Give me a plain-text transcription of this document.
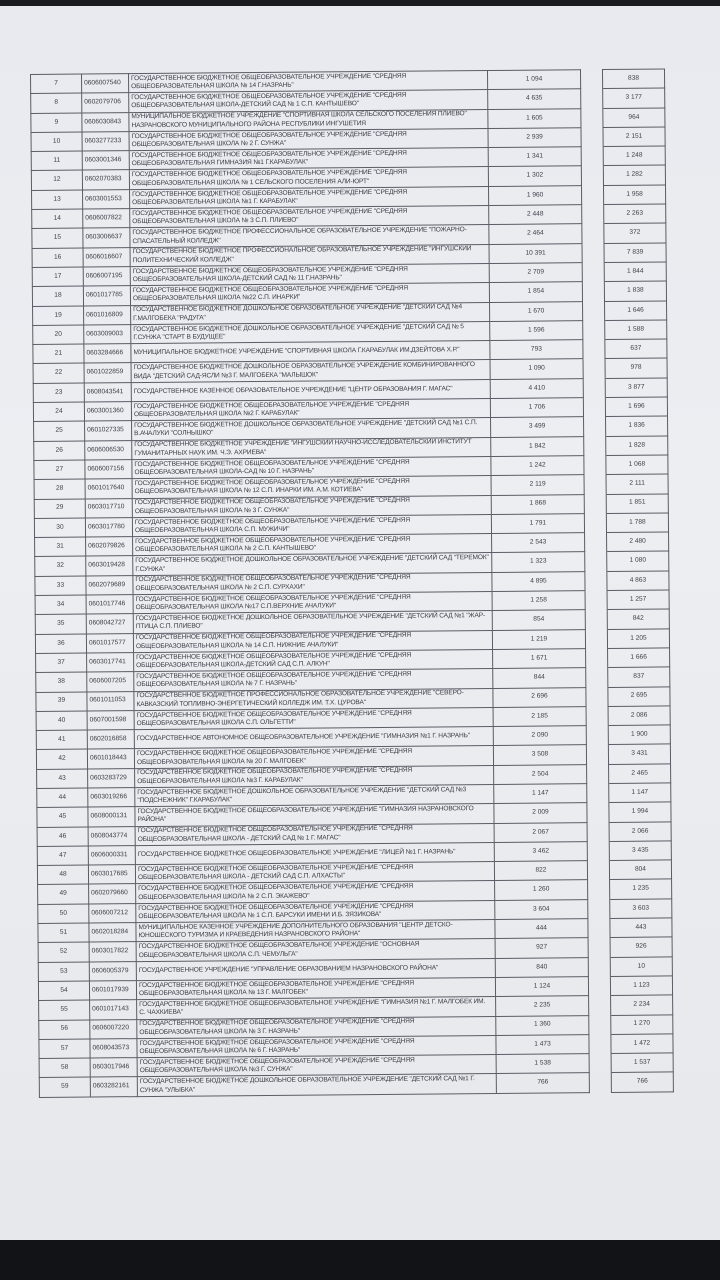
7	0606007540	ГОСУДАРСТВЕННОЕ БЮДЖЕТНОЕ ОБЩЕОБРАЗОВАТЕЛЬНОЕ УЧРЕЖДЕНИЕ "СРЕДНЯЯ ОБЩЕОБРАЗОВАТЕЛЬНАЯ ШКОЛА № 14 Г.НАЗРАНЬ"	1 094		838
8	0602079706	ГОСУДАРСТВЕННОЕ БЮДЖЕТНОЕ ОБЩЕОБРАЗОВАТЕЛЬНОЕ УЧРЕЖДЕНИЕ "СРЕДНЯЯ ОБЩЕОБРАЗОВАТЕЛЬНАЯ ШКОЛА-ДЕТСКИЙ САД № 1 С.П. КАНТЫШЕВО"	4 635		3 177
9	0606030843	МУНИЦИПАЛЬНОЕ БЮДЖЕТНОЕ УЧРЕЖДЕНИЕ "СПОРТИВНАЯ ШКОЛА СЕЛЬСКОГО ПОСЕЛЕНИЯ ПЛИЕВО" НАЗРАНОВСКОГО МУНИЦИПАЛЬНОГО РАЙОНА РЕСПУБЛИКИ ИНГУШЕТИЯ	1 605		964
10	0603277233	ГОСУДАРСТВЕННОЕ БЮДЖЕТНОЕ ОБЩЕОБРАЗОВАТЕЛЬНОЕ УЧРЕЖДЕНИЕ "СРЕДНЯЯ ОБЩЕОБРАЗОВАТЕЛЬНАЯ ШКОЛА № 2 Г. СУНЖА"	2 939		2 151
11	0603001346	ГОСУДАРСТВЕННОЕ БЮДЖЕТНОЕ ОБЩЕОБРАЗОВАТЕЛЬНОЕ УЧРЕЖДЕНИЕ "СРЕДНЯЯ ОБЩЕОБРАЗОВАТЕЛЬНАЯ ГИМНАЗИЯ №1 Г.КАРАБУЛАК"	1 341		1 248
12	0602070383	ГОСУДАРСТВЕННОЕ БЮДЖЕТНОЕ ОБЩЕОБРАЗОВАТЕЛЬНОЕ УЧРЕЖДЕНИЕ "СРЕДНЯЯ ОБЩЕОБРАЗОВАТЕЛЬНАЯ ШКОЛА № 1 СЕЛЬСКОГО ПОСЕЛЕНИЯ АЛИ-ЮРТ"	1 302		1 282
13	0603001553	ГОСУДАРСТВЕННОЕ БЮДЖЕТНОЕ ОБЩЕОБРАЗОВАТЕЛЬНОЕ УЧРЕЖДЕНИЕ "СРЕДНЯЯ ОБЩЕОБРАЗОВАТЕЛЬНАЯ ШКОЛА №1 Г. КАРАБУЛАК"	1 960		1 958
14	0606007822	ГОСУДАРСТВЕННОЕ БЮДЖЕТНОЕ ОБЩЕОБРАЗОВАТЕЛЬНОЕ УЧРЕЖДЕНИЕ "СРЕДНЯЯ ОБЩЕОБРАЗОВАТЕЛЬНАЯ ШКОЛА № 3 С.П. ПЛИЕВО"	2 448		2 263
15	0603006637	ГОСУДАРСТВЕННОЕ БЮДЖЕТНОЕ ПРОФЕССИОНАЛЬНОЕ ОБРАЗОВАТЕЛЬНОЕ УЧРЕЖДЕНИЕ "ПОЖАРНО-СПАСАТЕЛЬНЫЙ КОЛЛЕДЖ"	2 464		372
16	0606016607	ГОСУДАРСТВЕННОЕ БЮДЖЕТНОЕ ПРОФЕССИОНАЛЬНОЕ ОБРАЗОВАТЕЛЬНОЕ УЧРЕЖДЕНИЕ "ИНГУШСКИЙ ПОЛИТЕХНИЧЕСКИЙ КОЛЛЕДЖ"	10 391		7 839
17	0606007195	ГОСУДАРСТВЕННОЕ БЮДЖЕТНОЕ ОБЩЕОБРАЗОВАТЕЛЬНОЕ УЧРЕЖДЕНИЕ "СРЕДНЯЯ ОБЩЕОБРАЗОВАТЕЛЬНАЯ ШКОЛА-ДЕТСКИЙ САД № 11 Г.НАЗРАНЬ"	2 709		1 844
18	0601017785	ГОСУДАРСТВЕННОЕ БЮДЖЕТНОЕ ОБЩЕОБРАЗОВАТЕЛЬНОЕ УЧРЕЖДЕНИЕ "СРЕДНЯЯ ОБЩЕОБРАЗОВАТЕЛЬНАЯ ШКОЛА №22 С.П. ИНАРКИ"	1 854		1 838
19	0601016809	ГОСУДАРСТВЕННОЕ БЮДЖЕТНОЕ ДОШКОЛЬНОЕ ОБРАЗОВАТЕЛЬНОЕ УЧРЕЖДЕНИЕ "ДЕТСКИЙ САД №4 Г.МАЛГОБЕКА "РАДУГА"	1 670		1 646
20	0603009003	ГОСУДАРСТВЕННОЕ БЮДЖЕТНОЕ ДОШКОЛЬНОЕ ОБРАЗОВАТЕЛЬНОЕ УЧРЕЖДЕНИЕ "ДЕТСКИЙ САД № 5 Г.СУНЖА "СТАРТ В БУДУЩЕЕ"	1 596		1 588
21	0603284666	МУНИЦИПАЛЬНОЕ БЮДЖЕТНОЕ УЧРЕЖДЕНИЕ "СПОРТИВНАЯ ШКОЛА Г.КАРАБУЛАК ИМ.ДЗЕЙТОВА Х.Р."	793		637
22	0601022859	ГОСУДАРСТВЕННОЕ БЮДЖЕТНОЕ ДОШКОЛЬНОЕ ОБРАЗОВАТЕЛЬНОЕ УЧРЕЖДЕНИЕ КОМБИНИРОВАННОГО ВИДА "ДЕТСКИЙ САД-ЯСЛИ №3 Г. МАЛГОБЕКА "МАЛЫШОК"	1 090		978
23	0608043541	ГОСУДАРСТВЕННОЕ КАЗЕННОЕ ОБРАЗОВАТЕЛЬНОЕ УЧРЕЖДЕНИЕ "ЦЕНТР ОБРАЗОВАНИЯ Г. МАГАС"	4 410		3 877
24	0603001360	ГОСУДАРСТВЕННОЕ БЮДЖЕТНОЕ ОБЩЕОБРАЗОВАТЕЛЬНОЕ УЧРЕЖДЕНИЕ "СРЕДНЯЯ ОБЩЕОБРАЗОВАТЕЛЬНАЯ ШКОЛА №2 Г. КАРАБУЛАК"	1 706		1 696
25	0601027335	ГОСУДАРСТВЕННОЕ БЮДЖЕТНОЕ ДОШКОЛЬНОЕ ОБРАЗОВАТЕЛЬНОЕ УЧРЕЖДЕНИЕ "ДЕТСКИЙ САД №1 С.П. В.АЧАЛУКИ "СОЛНЫШКО"	3 499		1 836
26	0606006530	ГОСУДАРСТВЕННОЕ БЮДЖЕТНОЕ УЧРЕЖДЕНИЕ "ИНГУШСКИЙ НАУЧНО-ИССЛЕДОВАТЕЛЬСКИЙ ИНСТИТУТ ГУМАНИТАРНЫХ НАУК ИМ. Ч.Э. АХРИЕВА"	1 842		1 828
27	0606007156	ГОСУДАРСТВЕННОЕ БЮДЖЕТНОЕ ОБЩЕОБРАЗОВАТЕЛЬНОЕ УЧРЕЖДЕНИЕ "СРЕДНЯЯ ОБЩЕОБРАЗОВАТЕЛЬНАЯ ШКОЛА-САД № 10 Г. НАЗРАНЬ"	1 242		1 068
28	0601017640	ГОСУДАРСТВЕННОЕ БЮДЖЕТНОЕ ОБЩЕОБРАЗОВАТЕЛЬНОЕ УЧРЕЖДЕНИЕ "СРЕДНЯЯ ОБЩЕОБРАЗОВАТЕЛЬНАЯ ШКОЛА № 12 С.П. ИНАРКИ ИМ. А.М. КОТИЕВА"	2 119		2 111
29	0603017710	ГОСУДАРСТВЕННОЕ БЮДЖЕТНОЕ ОБЩЕОБРАЗОВАТЕЛЬНОЕ УЧРЕЖДЕНИЕ "СРЕДНЯЯ ОБЩЕОБРАЗОВАТЕЛЬНАЯ ШКОЛА № 3 Г. СУНЖА"	1 868		1 851
30	0603017780	ГОСУДАРСТВЕННОЕ БЮДЖЕТНОЕ ОБЩЕОБРАЗОВАТЕЛЬНОЕ УЧРЕЖДЕНИЕ "СРЕДНЯЯ ОБЩЕОБРАЗОВАТЕЛЬНАЯ ШКОЛА С.П. МУЖИЧИ"	1 791		1 788
31	0602079826	ГОСУДАРСТВЕННОЕ БЮДЖЕТНОЕ ОБЩЕОБРАЗОВАТЕЛЬНОЕ УЧРЕЖДЕНИЕ "СРЕДНЯЯ ОБЩЕОБРАЗОВАТЕЛЬНАЯ ШКОЛА № 2 С.П. КАНТЫШЕВО"	2 543		2 480
32	0603019428	ГОСУДАРСТВЕННОЕ БЮДЖЕТНОЕ ДОШКОЛЬНОЕ ОБРАЗОВАТЕЛЬНОЕ УЧРЕЖДЕНИЕ "ДЕТСКИЙ САД "ТЕРЕМОК" Г.СУНЖА"	1 323		1 080
33	0602079689	ГОСУДАРСТВЕННОЕ БЮДЖЕТНОЕ ОБЩЕОБРАЗОВАТЕЛЬНОЕ УЧРЕЖДЕНИЕ "СРЕДНЯЯ ОБЩЕОБРАЗОВАТЕЛЬНАЯ ШКОЛА № 2 С.П. СУРХАХИ"	4 895		4 863
34	0601017746	ГОСУДАРСТВЕННОЕ БЮДЖЕТНОЕ ОБЩЕОБРАЗОВАТЕЛЬНОЕ УЧРЕЖДЕНИЕ "СРЕДНЯЯ ОБЩЕОБРАЗОВАТЕЛЬНАЯ ШКОЛА №17 С.П.ВЕРХНИЕ АЧАЛУКИ"	1 258		1 257
35	0608042727	ГОСУДАРСТВЕННОЕ БЮДЖЕТНОЕ ДОШКОЛЬНОЕ ОБРАЗОВАТЕЛЬНОЕ УЧРЕЖДЕНИЕ "ДЕТСКИЙ САД №1 "ЖАР-ПТИЦА С.П. ПЛИЕВО"	854		842
36	0601017577	ГОСУДАРСТВЕННОЕ БЮДЖЕТНОЕ ОБЩЕОБРАЗОВАТЕЛЬНОЕ УЧРЕЖДЕНИЕ "СРЕДНЯЯ ОБЩЕОБРАЗОВАТЕЛЬНАЯ ШКОЛА № 14 С.П. НИЖНИЕ АЧАЛУКИ"	1 219		1 205
37	0603017741	ГОСУДАРСТВЕННОЕ БЮДЖЕТНОЕ ОБЩЕОБРАЗОВАТЕЛЬНОЕ УЧРЕЖДЕНИЕ "СРЕДНЯЯ ОБЩЕОБРАЗОВАТЕЛЬНАЯ ШКОЛА-ДЕТСКИЙ САД С.П. АЛКУН"	1 671		1 666
38	0606007205	ГОСУДАРСТВЕННОЕ БЮДЖЕТНОЕ ОБЩЕОБРАЗОВАТЕЛЬНОЕ УЧРЕЖДЕНИЕ "СРЕДНЯЯ ОБЩЕОБРАЗОВАТЕЛЬНАЯ ШКОЛА № 7 Г. НАЗРАНЬ"	844		837
39	0601011053	ГОСУДАРСТВЕННОЕ БЮДЖЕТНОЕ ПРОФЕССИОНАЛЬНОЕ ОБРАЗОВАТЕЛЬНОЕ УЧРЕЖДЕНИЕ "СЕВЕРО-КАВКАЗСКИЙ ТОПЛИВНО-ЭНЕРГЕТИЧЕСКИЙ КОЛЛЕДЖ ИМ. Т.Х. ЦУРОВА"	2 696		2 695
40	0607001598	ГОСУДАРСТВЕННОЕ БЮДЖЕТНОЕ ОБЩЕОБРАЗОВАТЕЛЬНОЕ УЧРЕЖДЕНИЕ "СРЕДНЯЯ ОБЩЕОБРАЗОВАТЕЛЬНАЯ ШКОЛА С.П. ОЛЬГЕТТИ"	2 185		2 086
41	0602016858	ГОСУДАРСТВЕННОЕ АВТОНОМНОЕ ОБЩЕОБРАЗОВАТЕЛЬНОЕ УЧРЕЖДЕНИЕ "ГИМНАЗИЯ №1 Г. НАЗРАНЬ"	2 090		1 900
42	0601018443	ГОСУДАРСТВЕННОЕ БЮДЖЕТНОЕ ОБЩЕОБРАЗОВАТЕЛЬНОЕ УЧРЕЖДЕНИЕ "СРЕДНЯЯ ОБЩЕОБРАЗОВАТЕЛЬНАЯ ШКОЛА № 20 Г. МАЛГОБЕК"	3 508		3 431
43	0603283729	ГОСУДАРСТВЕННОЕ БЮДЖЕТНОЕ ОБЩЕОБРАЗОВАТЕЛЬНОЕ УЧРЕЖДЕНИЕ "СРЕДНЯЯ ОБЩЕОБРАЗОВАТЕЛЬНАЯ ШКОЛА №3 Г. КАРАБУЛАК"	2 504		2 465
44	0603019266	ГОСУДАРСТВЕННОЕ БЮДЖЕТНОЕ ДОШКОЛЬНОЕ ОБРАЗОВАТЕЛЬНОЕ УЧРЕЖДЕНИЕ "ДЕТСКИЙ САД №3 "ПОДСНЕЖНИК" Г.КАРАБУЛАК"	1 147		1 147
45	0608000131	ГОСУДАРСТВЕННОЕ БЮДЖЕТНОЕ ОБЩЕОБРАЗОВАТЕЛЬНОЕ УЧРЕЖДЕНИЕ "ГИМНАЗИЯ НАЗРАНОВСКОГО РАЙОНА"	2 009		1 994
46	0608043774	ГОСУДАРСТВЕННОЕ БЮДЖЕТНОЕ ОБЩЕОБРАЗОВАТЕЛЬНОЕ УЧРЕЖДЕНИЕ "СРЕДНЯЯ ОБЩЕОБРАЗОВАТЕЛЬНАЯ ШКОЛА - ДЕТСКИЙ САД № 1 Г. МАГАС"	2 067		2 066
47	0606000331	ГОСУДАРСТВЕННОЕ БЮДЖЕТНОЕ ОБЩЕОБРАЗОВАТЕЛЬНОЕ УЧРЕЖДЕНИЕ "ЛИЦЕЙ №1 Г. НАЗРАНЬ"	3 462		3 435
48	0603017685	ГОСУДАРСТВЕННОЕ БЮДЖЕТНОЕ ОБЩЕОБРАЗОВАТЕЛЬНОЕ УЧРЕЖДЕНИЕ "СРЕДНЯЯ ОБЩЕОБРАЗОВАТЕЛЬНАЯ ШКОЛА - ДЕТСКИЙ САД С.П. АЛХАСТЫ"	822		804
49	0602079660	ГОСУДАРСТВЕННОЕ БЮДЖЕТНОЕ ОБЩЕОБРАЗОВАТЕЛЬНОЕ УЧРЕЖДЕНИЕ "СРЕДНЯЯ ОБЩЕОБРАЗОВАТЕЛЬНАЯ ШКОЛА № 2 С.П. ЭКАЖЕВО"	1 260		1 235
50	0606007212	ГОСУДАРСТВЕННОЕ БЮДЖЕТНОЕ ОБЩЕОБРАЗОВАТЕЛЬНОЕ УЧРЕЖДЕНИЕ "СРЕДНЯЯ ОБЩЕОБРАЗОВАТЕЛЬНАЯ ШКОЛА № 1 С.П. БАРСУКИ ИМЕНИ И.Б. ЗЯЗИКОВА"	3 604		3 603
51	0602018284	МУНИЦИПАЛЬНОЕ КАЗЕННОЕ УЧРЕЖДЕНИЕ ДОПОЛНИТЕЛЬНОГО ОБРАЗОВАНИЯ "ЦЕНТР ДЕТСКО-ЮНОШЕСКОГО ТУРИЗМА И КРАЕВЕДЕНИЯ НАЗРАНОВСКОГО РАЙОНА"	444		443
52	0603017822	ГОСУДАРСТВЕННОЕ БЮДЖЕТНОЕ ОБЩЕОБРАЗОВАТЕЛЬНОЕ УЧРЕЖДЕНИЕ "ОСНОВНАЯ ОБЩЕОБРАЗОВАТЕЛЬНАЯ ШКОЛА С.П. ЧЕМУЛЬГА"	927		926
53	0606005379	ГОСУДАРСТВЕННОЕ УЧРЕЖДЕНИЕ "УПРАВЛЕНИЕ ОБРАЗОВАНИЕМ НАЗРАНОВСКОГО РАЙОНА"	840		10
54	0601017939	ГОСУДАРСТВЕННОЕ БЮДЖЕТНОЕ ОБЩЕОБРАЗОВАТЕЛЬНОЕ УЧРЕЖДЕНИЕ "СРЕДНЯЯ ОБЩЕОБРАЗОВАТЕЛЬНАЯ ШКОЛА № 13 Г. МАЛГОБЕК"	1 124		1 123
55	0601017143	ГОСУДАРСТВЕННОЕ БЮДЖЕТНОЕ ОБЩЕОБРАЗОВАТЕЛЬНОЕ УЧРЕЖДЕНИЕ "ГИМНАЗИЯ №1 Г. МАЛГОБЕК ИМ. С. ЧАХКИЕВА"	2 235		2 234
56	0606007220	ГОСУДАРСТВЕННОЕ БЮДЖЕТНОЕ ОБЩЕОБРАЗОВАТЕЛЬНОЕ УЧРЕЖДЕНИЕ "СРЕДНЯЯ ОБЩЕОБРАЗОВАТЕЛЬНАЯ ШКОЛА № 3 Г. НАЗРАНЬ"	1 360		1 270
57	0608043573	ГОСУДАРСТВЕННОЕ БЮДЖЕТНОЕ ОБЩЕОБРАЗОВАТЕЛЬНОЕ УЧРЕЖДЕНИЕ "СРЕДНЯЯ ОБЩЕОБРАЗОВАТЕЛЬНАЯ ШКОЛА № 6 Г. НАЗРАНЬ"	1 473		1 472
58	0603017946	ГОСУДАРСТВЕННОЕ БЮДЖЕТНОЕ ОБЩЕОБРАЗОВАТЕЛЬНОЕ УЧРЕЖДЕНИЕ "СРЕДНЯЯ ОБЩЕОБРАЗОВАТЕЛЬНАЯ ШКОЛА №3 Г. СУНЖА"	1 538		1 537
59	0603282161	ГОСУДАРСТВЕННОЕ БЮДЖЕТНОЕ ДОШКОЛЬНОЕ ОБРАЗОВАТЕЛЬНОЕ УЧРЕЖДЕНИЕ "ДЕТСКИЙ САД №1 Г. СУНЖА "УЛЫБКА"	766		766
